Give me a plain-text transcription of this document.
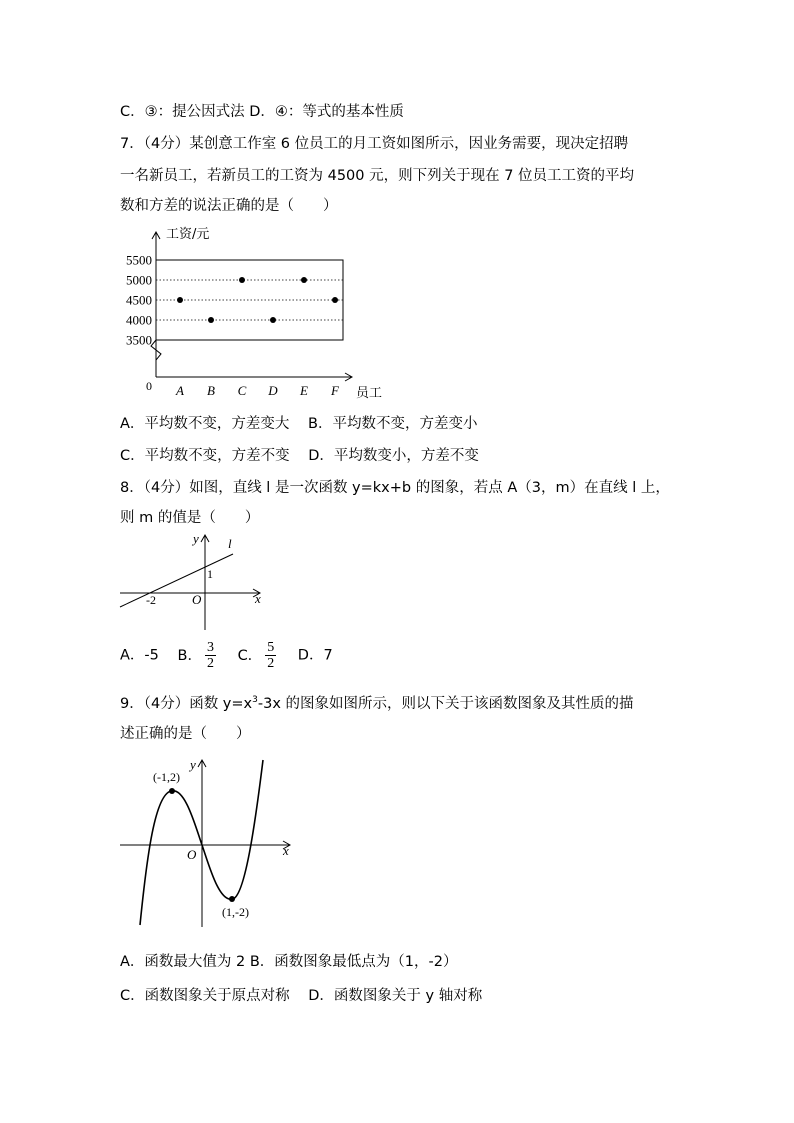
C．③：提公因式法 D．④：等式的基本性质
7．（4分）某创意工作室 6 位员工的月工资如图所示，因业务需要，现决定招聘
一名新员工，若新员工的工资为 4500 元，则下列关于现在 7 位员工工资的平均
数和方差的说法正确的是（　　）
5500
5000
4500
4000
3500
A B C D E F
工资/元
员工
0
A．平均数不变，方差变大 B．平均数不变，方差变小
C．平均数不变，方差不变 D．平均数变小，方差不变
8．（4分）如图，直线 l 是一次函数 y=kx+b 的图象，若点 A（3，m）在直线 l 上，
则 m 的值是（　　）
y
x
l
O
1
-2
A．-5 B． $\frac{3}{2}$ C． $\frac{5}{2}$ D．7
9．（4分）函数 $y=x^3-3x$ 的图象如图所示，则以下关于该函数图象及其性质的描
述正确的是（　　）
y
x
O
(-1,2)
(1,-2)
A．函数最大值为 2 B．函数图象最低点为（1，-2）
C．函数图象关于原点对称 D．函数图象关于 y 轴对称
